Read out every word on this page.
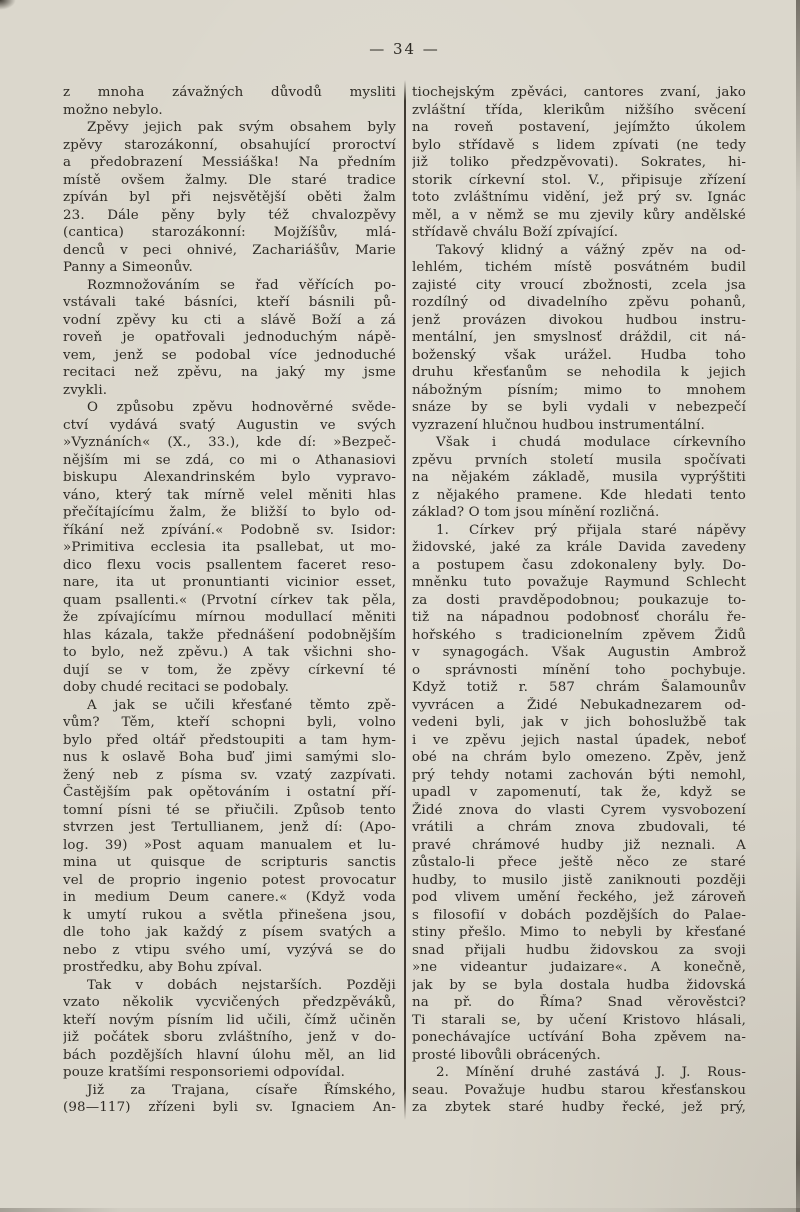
— 34 —
z mnoha závažných důvodů mysliti
možno nebylo.
Zpěvy jejich pak svým obsahem byly
zpěvy starozákonní, obsahující proroctví
a předobrazení Messiáška! Na předním
místě ovšem žalmy. Dle staré tradice
zpíván byl při nejsvětější oběti žalm
23. Dále pěny byly též chvalozpěvy
(cantica) starozákonní: Mojžíšův, mlá-
denců v peci ohnivé, Zachariášův, Marie
Panny a Simeonův.
Rozmnožováním se řad věřících po-
vstávali také básníci, kteří básnili pů-
vodní zpěvy ku cti a slávě Boží a zá
roveň je opatřovali jednoduchým nápě-
vem, jenž se podobal více jednoduché
recitaci než zpěvu, na jaký my jsme
zvykli.
O způsobu zpěvu hodnověrné svěde-
ctví vydává svatý Augustin ve svých
»Vyznáních« (X., 33.), kde dí: »Bezpeč-
nějším mi se zdá, co mi o Athanasiovi
biskupu Alexandrinském bylo vypravo-
váno, který tak mírně velel měniti hlas
přečítajícímu žalm, že bližší to bylo od-
říkání než zpívání.« Podobně sv. Isidor:
»Primitiva ecclesia ita psallebat, ut mo-
dico flexu vocis psallentem faceret reso-
nare, ita ut pronuntianti vicinior esset,
quam psallenti.« (Prvotní církev tak pěla,
že zpívajícímu mírnou modullací měniti
hlas kázala, takže přednášení podobnějším
to bylo, než zpěvu.) A tak všichni sho-
dují se v tom, že zpěvy církevní té
doby chudé recitaci se podobaly.
A jak se učili křesťané těmto zpě-
vům? Těm, kteří schopni byli, volno
bylo před oltář předstoupiti a tam hym-
nus k oslavě Boha buď jimi samými slo-
žený neb z písma sv. vzatý zazpívati.
Častějším pak opětováním i ostatní pří-
tomní písni té se přiučili. Způsob tento
stvrzen jest Tertullianem, jenž dí: (Apo-
log. 39) »Post aquam manualem et lu-
mina ut quisque de scripturis sanctis
vel de proprio ingenio potest provocatur
in medium Deum canere.« (Když voda
k umytí rukou a světla přinešena jsou,
dle toho jak každý z písem svatých a
nebo z vtipu svého umí, vyzývá se do
prostředku, aby Bohu zpíval.
Tak v dobách nejstarších. Později
vzato několik vycvičených předzpěváků,
kteří novým písním lid učili, čímž učiněn
již počátek sboru zvláštního, jenž v do-
bách pozdějších hlavní úlohu měl, an lid
pouze kratšími responsoriemi odpovídal.
Již za Trajana, císaře Římského,
(98—117) zřízeni byli sv. Ignaciem An-
tiochejským zpěváci, cantores zvaní, jako
zvláštní třída, klerikům nižšího svěcení
na roveň postavení, jejímžto úkolem
bylo střídavě s lidem zpívati (ne tedy
již toliko předzpěvovati). Sokrates, hi-
storik církevní stol. V., připisuje zřízení
toto zvláštnímu vidění, jež prý sv. Ignác
měl, a v němž se mu zjevily kůry andělské
střídavě chválu Boží zpívající.
Takový klidný a vážný zpěv na od-
lehlém, tichém místě posvátném budil
zajisté city vroucí zbožnosti, zcela jsa
rozdílný od divadelního zpěvu pohanů,
jenž provázen divokou hudbou instru-
mentální, jen smyslnosť dráždil, cit ná-
boženský však urážel. Hudba toho
druhu křesťanům se nehodila k jejich
nábožným písním; mimo to mnohem
snáze by se byli vydali v nebezpečí
vyzrazení hlučnou hudbou instrumentální.
Však i chudá modulace církevního
zpěvu prvních století musila spočívati
na nějakém základě, musila vyprýštiti
z nějakého pramene. Kde hledati tento
základ? O tom jsou mínění rozličná.
1. Církev prý přijala staré nápěvy
židovské, jaké za krále Davida zavedeny
a postupem času zdokonaleny byly. Do-
mněnku tuto považuje Raymund Schlecht
za dosti pravděpodobnou; poukazuje to-
tiž na nápadnou podobnosť chorálu ře-
hořského s tradicionelním zpěvem Židů
v synagogách. Však Augustin Ambrož
o správnosti mínění toho pochybuje.
Když totiž r. 587 chrám Šalamounův
vyvrácen a Židé Nebukadnezarem od-
vedeni byli, jak v jich bohoslužbě tak
i ve zpěvu jejich nastal úpadek, neboť
obé na chrám bylo omezeno. Zpěv, jenž
prý tehdy notami zachován býti nemohl,
upadl v zapomenutí, tak že, když se
Židé znova do vlasti Cyrem vysvobození
vrátili a chrám znova zbudovali, té
pravé chrámové hudby již neznali. A
zůstalo-li přece ještě něco ze staré
hudby, to musilo jistě zaniknouti později
pod vlivem umění řeckého, jež zároveň
s filosofií v dobách pozdějších do Palae-
stiny přešlo. Mimo to nebyli by křesťané
snad přijali hudbu židovskou za svoji
»ne videantur judaizare«. A konečně,
jak by se byla dostala hudba židovská
na př. do Říma? Snad věrověstci?
Ti starali se, by učení Kristovo hlásali,
ponechávajíce uctívání Boha zpěvem na-
prosté libovůli obrácených.
2. Mínění druhé zastává J. J. Rous-
seau. Považuje hudbu starou křesťanskou
za zbytek staré hudby řecké, jež prý,
